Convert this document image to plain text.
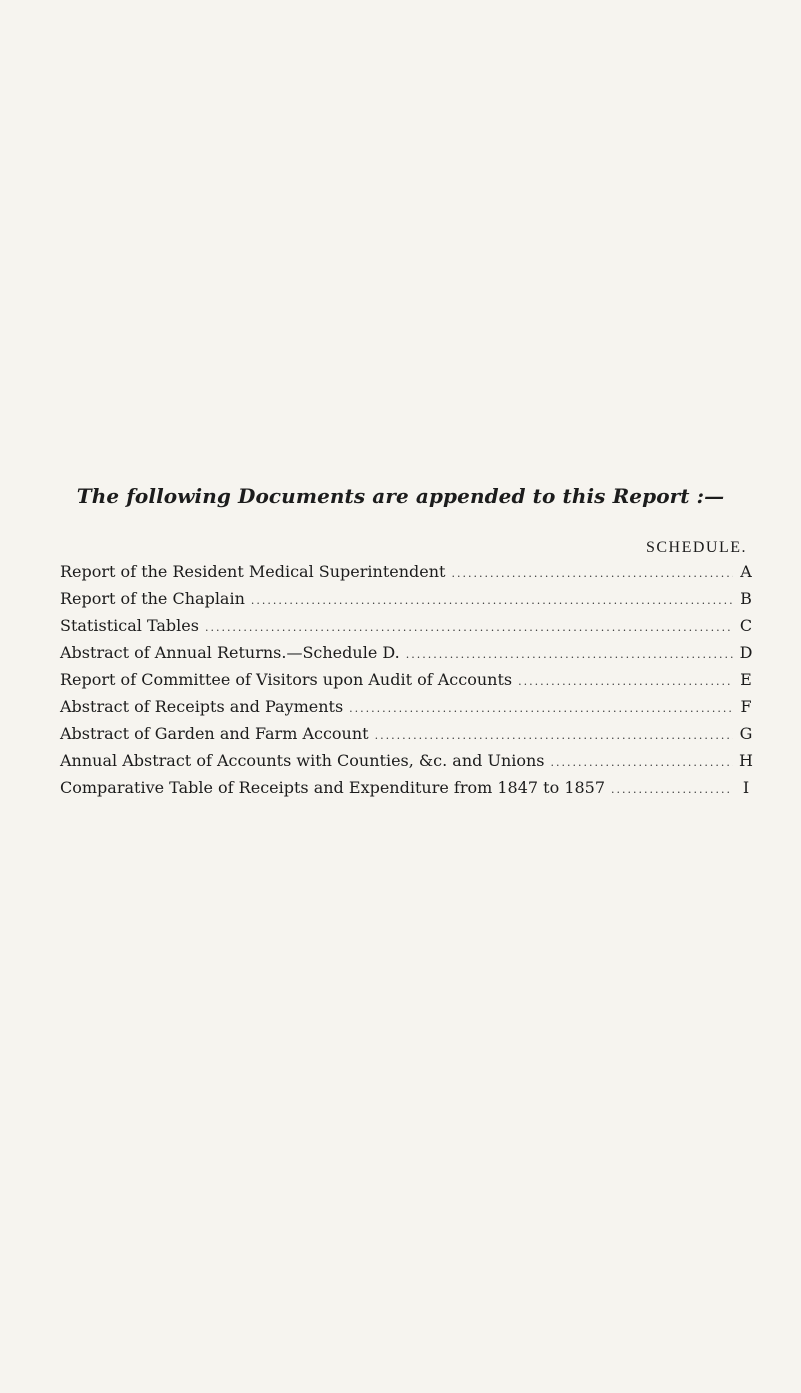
The following Documents are appended to this Report :—
SCHEDULE.
Report of the Resident Medical Superintendent .....	A
Report of the Chaplain .....	B
Statistical Tables .....	C
Abstract of Annual Returns.—Schedule D. .....	D
Report of Committee of Visitors upon Audit of Accounts .....	E
Abstract of Receipts and Payments .....	F
Abstract of Garden and Farm Account .....	G
Annual Abstract of Accounts with Counties, &c. and Unions .....	H
Comparative Table of Receipts and Expenditure from 1847 to 1857 .....	I
